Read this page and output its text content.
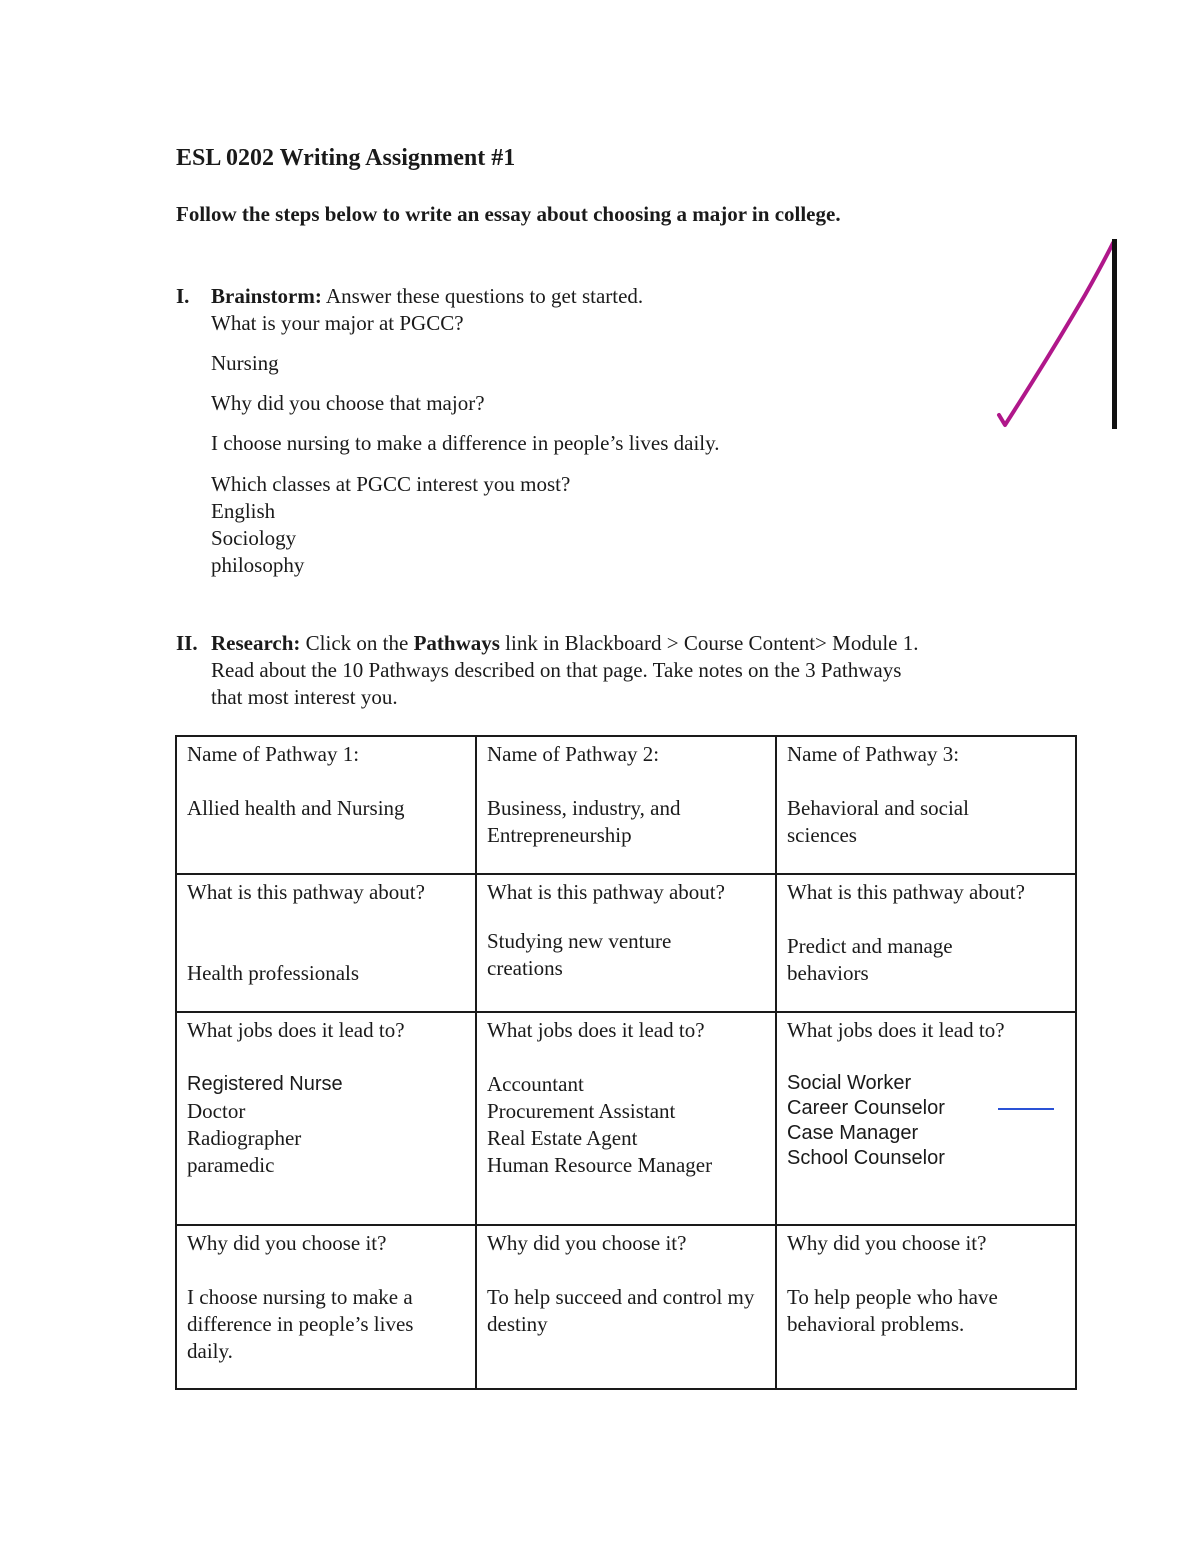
ESL 0202 Writing Assignment #1

Follow the steps below to write an essay about choosing a major in college.

I. Brainstorm: Answer these questions to get started.

What is your major at PGCC?

Nursing

Why did you choose that major?

I choose nursing to make a difference in people’s lives daily.

Which classes at PGCC interest you most?

English

Sociology

philosophy

II. Research: Click on the Pathways link in Blackboard > Course Content> Module 1.

Read about the 10 Pathways described on that page. Take notes on the 3 Pathways

that most interest you.

Name of Pathway 1:
Allied health and Nursing	Name of Pathway 2:
Business, industry, and Entrepreneurship	Name of Pathway 3:
Behavioral and social sciences

What is this pathway about?
Health professionals	What is this pathway about?
Studying new venture creations	What is this pathway about?
Predict and manage behaviors

What jobs does it lead to?
Registered Nurse
Doctor
Radiographer
paramedic	What jobs does it lead to?
Accountant
Procurement Assistant
Real Estate Agent
Human Resource Manager	What jobs does it lead to?
Social Worker
Career Counselor
Case Manager
School Counselor

Why did you choose it?
I choose nursing to make a difference in people’s lives daily.	Why did you choose it?
To help succeed and control my destiny	Why did you choose it?
To help people who have behavioral problems.
